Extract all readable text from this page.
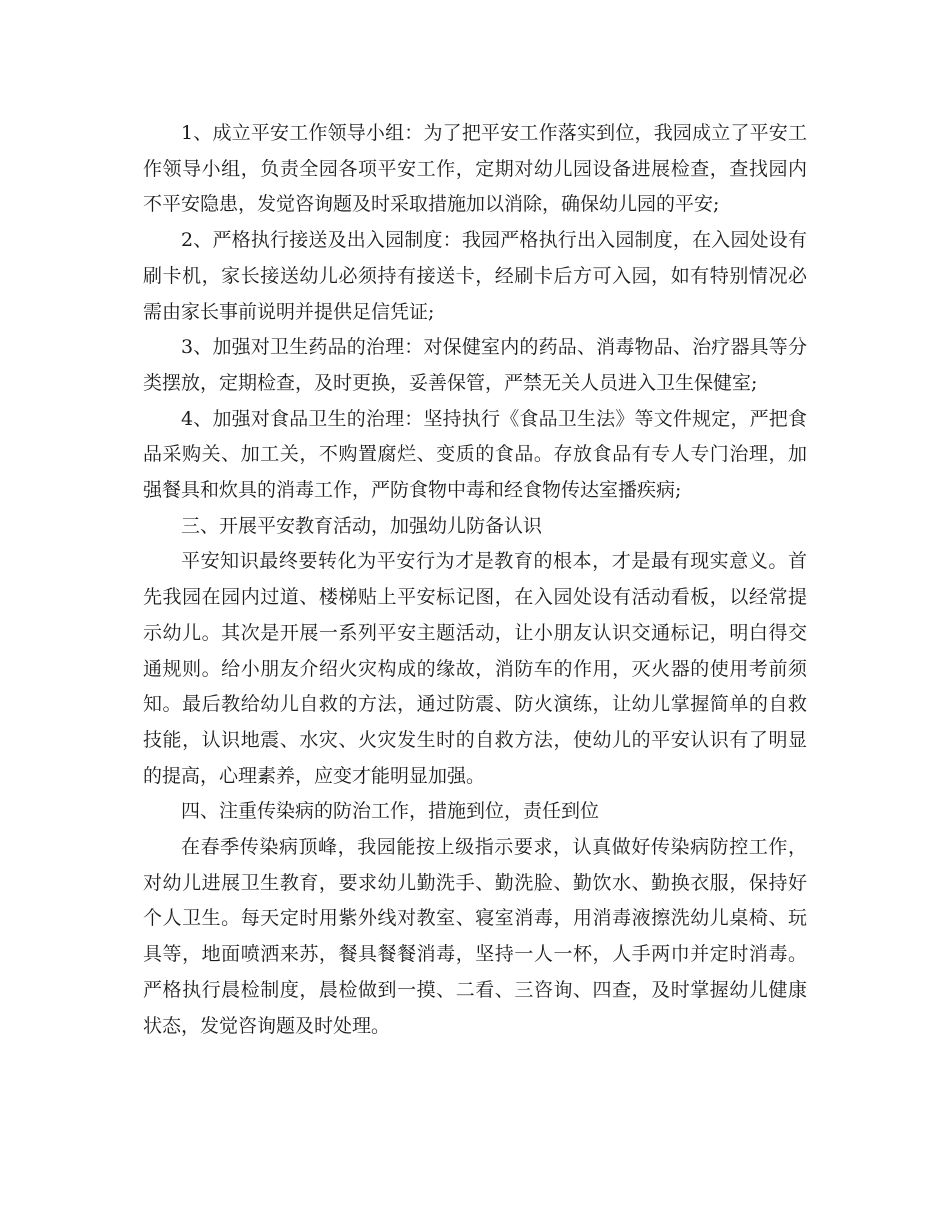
1、成立平安工作领导小组：为了把平安工作落实到位，我园成立了平安工作领导小组，负责全园各项平安工作，定期对幼儿园设备进展检查，查找园内不平安隐患，发觉咨询题及时采取措施加以消除，确保幼儿园的平安;

2、严格执行接送及出入园制度：我园严格执行出入园制度，在入园处设有刷卡机，家长接送幼儿必须持有接送卡，经刷卡后方可入园，如有特别情况必需由家长事前说明并提供足信凭证;

3、加强对卫生药品的治理：对保健室内的药品、消毒物品、治疗器具等分类摆放，定期检查，及时更换，妥善保管，严禁无关人员进入卫生保健室;

4、加强对食品卫生的治理：坚持执行《食品卫生法》等文件规定，严把食品采购关、加工关，不购置腐烂、变质的食品。存放食品有专人专门治理，加强餐具和炊具的消毒工作，严防食物中毒和经食物传达室播疾病;

三、开展平安教育活动，加强幼儿防备认识

平安知识最终要转化为平安行为才是教育的根本，才是最有现实意义。首先我园在园内过道、楼梯贴上平安标记图，在入园处设有活动看板，以经常提示幼儿。其次是开展一系列平安主题活动，让小朋友认识交通标记，明白得交通规则。给小朋友介绍火灾构成的缘故，消防车的作用，灭火器的使用考前须知。最后教给幼儿自救的方法，通过防震、防火演练，让幼儿掌握简单的自救技能，认识地震、水灾、火灾发生时的自救方法，使幼儿的平安认识有了明显的提高，心理素养，应变才能明显加强。

四、注重传染病的防治工作，措施到位，责任到位

在春季传染病顶峰，我园能按上级指示要求，认真做好传染病防控工作，对幼儿进展卫生教育，要求幼儿勤洗手、勤洗脸、勤饮水、勤换衣服，保持好个人卫生。每天定时用紫外线对教室、寝室消毒，用消毒液擦洗幼儿桌椅、玩具等，地面喷洒来苏，餐具餐餐消毒，坚持一人一杯，人手两巾并定时消毒。严格执行晨检制度，晨检做到一摸、二看、三咨询、四查，及时掌握幼儿健康状态，发觉咨询题及时处理。
